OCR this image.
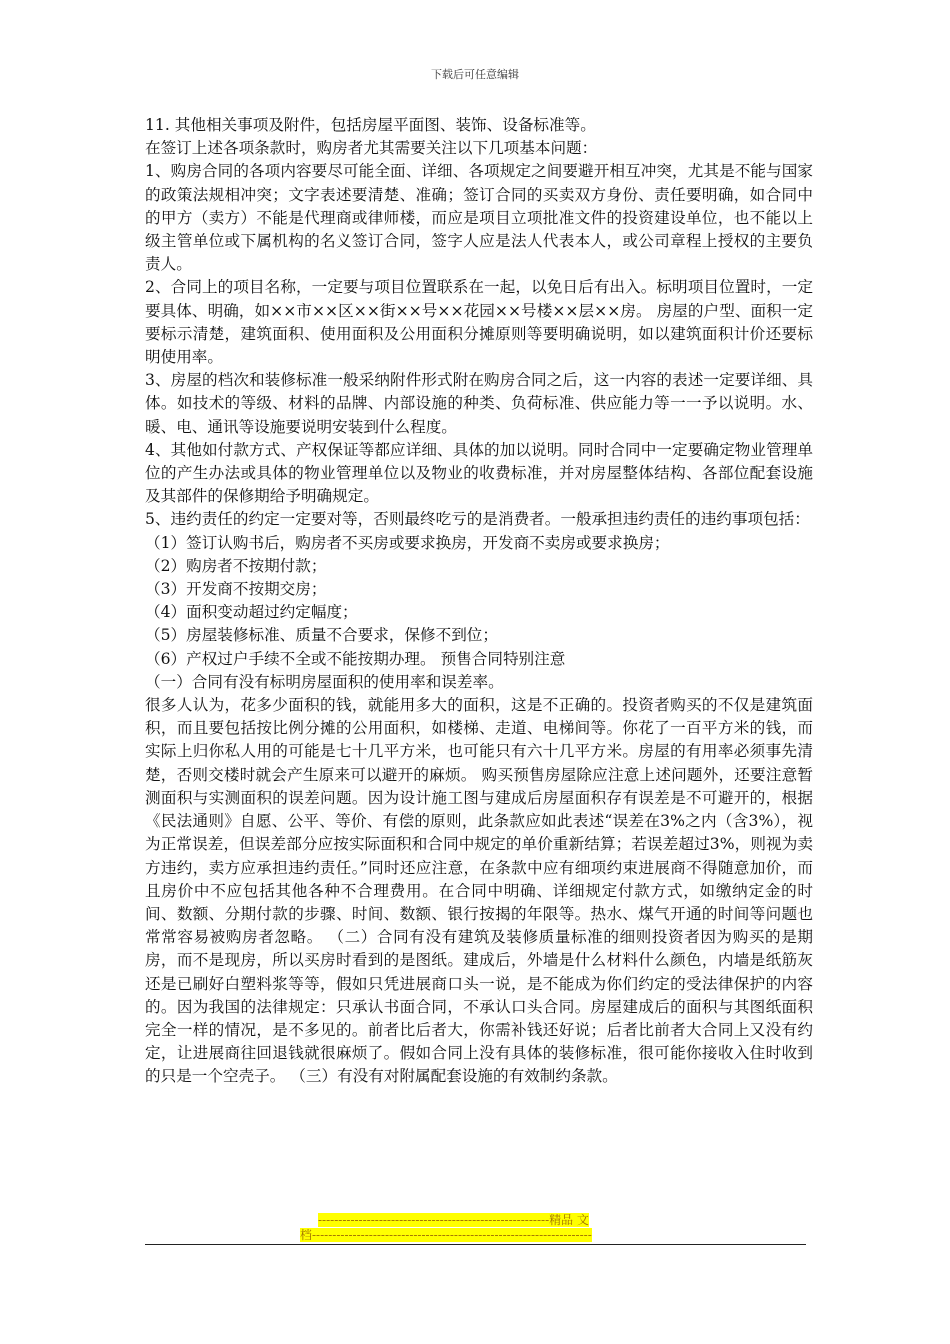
下载后可任意编辑

11. 其他相关事项及附件，包括房屋平面图、装饰、设备标准等。

在签订上述各项条款时，购房者尤其需要关注以下几项基本问题：

1、购房合同的各项内容要尽可能全面、详细、各项规定之间要避开相互冲突，尤其是不能与国家的政策法规相冲突；文字表述要清楚、准确；签订合同的买卖双方身份、责任要明确，如合同中的甲方（卖方）不能是代理商或律师楼，而应是项目立项批准文件的投资建设单位，也不能以上级主管单位或下属机构的名义签订合同，签字人应是法人代表本人，或公司章程上授权的主要负责人。

2、合同上的项目名称，一定要与项目位置联系在一起，以免日后有出入。标明项目位置时，一定要具体、明确，如××市××区××街××号××花园××号楼××层××房。 房屋的户型、面积一定要标示清楚，建筑面积、使用面积及公用面积分摊原则等要明确说明，如以建筑面积计价还要标明使用率。

3、房屋的档次和装修标准一般采纳附件形式附在购房合同之后，这一内容的表述一定要详细、具体。如技术的等级、材料的品牌、内部设施的种类、负荷标准、供应能力等一一予以说明。水、暖、电、通讯等设施要说明安装到什么程度。

4、其他如付款方式、产权保证等都应详细、具体的加以说明。同时合同中一定要确定物业管理单位的产生办法或具体的物业管理单位以及物业的收费标准，并对房屋整体结构、各部位配套设施及其部件的保修期给予明确规定。

5、违约责任的约定一定要对等，否则最终吃亏的是消费者。一般承担违约责任的违约事项包括：

（1）签订认购书后，购房者不买房或要求换房，开发商不卖房或要求换房；

（2）购房者不按期付款；

（3）开发商不按期交房；

（4）面积变动超过约定幅度；

（5）房屋装修标准、质量不合要求，保修不到位；

（6）产权过户手续不全或不能按期办理。 预售合同特别注意

（一）合同有没有标明房屋面积的使用率和误差率。

很多人认为，花多少面积的钱，就能用多大的面积，这是不正确的。投资者购买的不仅是建筑面积，而且要包括按比例分摊的公用面积，如楼梯、走道、电梯间等。你花了一百平方米的钱，而实际上归你私人用的可能是七十几平方米，也可能只有六十几平方米。房屋的有用率必须事先清楚，否则交楼时就会产生原来可以避开的麻烦。 购买预售房屋除应注意上述问题外，还要注意暂测面积与实测面积的误差问题。因为设计施工图与建成后房屋面积存有误差是不可避开的，根据《民法通则》自愿、公平、等价、有偿的原则，此条款应如此表述“误差在3%之内（含3%），视为正常误差，但误差部分应按实际面积和合同中规定的单价重新结算；若误差超过3%，则视为卖方违约，卖方应承担违约责任。”同时还应注意，在条款中应有细项约束进展商不得随意加价，而且房价中不应包括其他各种不合理费用。在合同中明确、详细规定付款方式，如缴纳定金的时间、数额、分期付款的步骤、时间、数额、银行按揭的年限等。热水、煤气开通的时间等问题也常常容易被购房者忽略。 （二）合同有没有建筑及装修质量标准的细则投资者因为购买的是期房，而不是现房，所以买房时看到的是图纸。建成后，外墙是什么材料什么颜色，内墙是纸筋灰还是已刷好白塑料浆等等，假如只凭进展商口头一说，是不能成为你们约定的受法律保护的内容的。因为我国的法律规定：只承认书面合同，不承认口头合同。房屋建成后的面积与其图纸面积完全一样的情况，是不多见的。前者比后者大，你需补钱还好说；后者比前者大合同上又没有约定，让进展商往回退钱就很麻烦了。假如合同上没有具体的装修标准，很可能你接收入住时收到的只是一个空壳子。 （三）有没有对附属配套设施的有效制约条款。

---------------------------------------------------------精品 文
档---------------------------------------------------------------------
